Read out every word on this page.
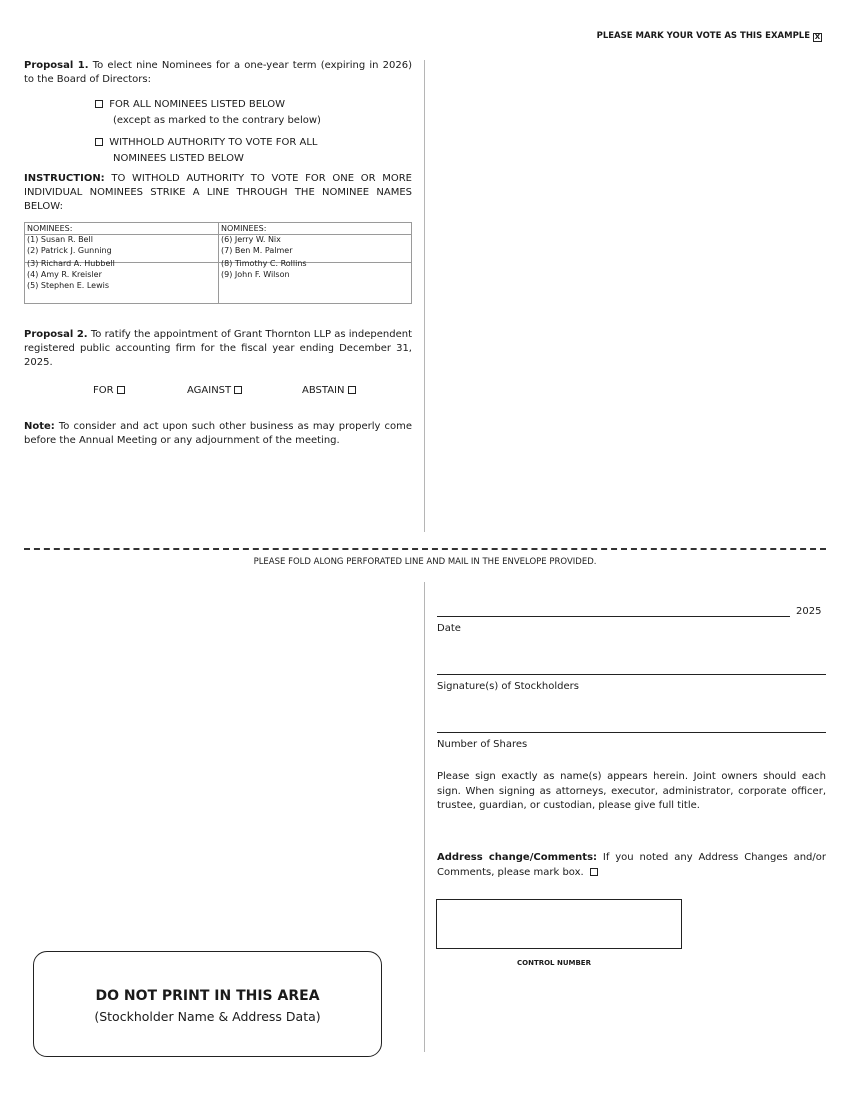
PLEASE MARK YOUR VOTE AS THIS EXAMPLE X
Proposal 1. To elect nine Nominees for a one-year term (expiring in 2026) to the Board of Directors:
FOR ALL NOMINEES LISTED BELOW
(except as marked to the contrary below)
WITHHOLD AUTHORITY TO VOTE FOR ALL
NOMINEES LISTED BELOW
INSTRUCTION: TO WITHOLD AUTHORITY TO VOTE FOR ONE OR MORE INDIVIDUAL NOMINEES STRIKE A LINE THROUGH THE NOMINEE NAMES BELOW:
NOMINEES:
(1) Susan R. Bell
(2) Patrick J. Gunning
(3) Richard A. Hubbell
(4) Amy R. Kreisler
(5) Stephen E. Lewis
NOMINEES:
(6) Jerry W. Nix
(7) Ben M. Palmer
(8) Timothy C. Rollins
(9) John F. Wilson
Proposal 2. To ratify the appointment of Grant Thornton LLP as independent registered public accounting firm for the fiscal year ending December 31, 2025.
FOR	AGAINST	ABSTAIN
Note: To consider and act upon such other business as may properly come before the Annual Meeting or any adjournment of the meeting.
PLEASE FOLD ALONG PERFORATED LINE AND MAIL IN THE ENVELOPE PROVIDED.
2025
Date
Signature(s) of Stockholders
Number of Shares
Please sign exactly as name(s) appears herein. Joint owners should each sign. When signing as attorneys, executor, administrator, corporate officer, trustee, guardian, or custodian, please give full title.
Address change/Comments: If you noted any Address Changes and/or Comments, please mark box.
CONTROL NUMBER
DO NOT PRINT IN THIS AREA
(Stockholder Name & Address Data)
